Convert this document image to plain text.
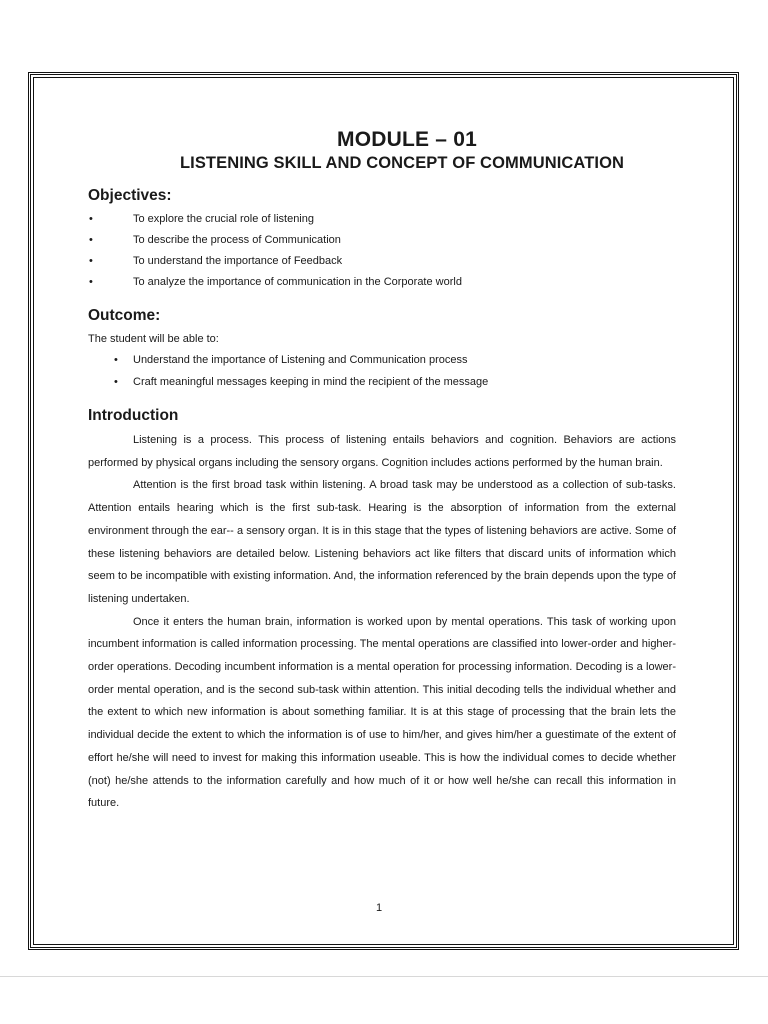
MODULE – 01
LISTENING SKILL AND CONCEPT OF COMMUNICATION
Objectives:
•	To explore the crucial role of listening
•	To describe the process of Communication
•	To understand the importance of Feedback
•	To analyze the importance of communication in the Corporate world
Outcome:

The student will be able to:

• Understand the importance of Listening and Communication process
• Craft meaningful messages keeping in mind the recipient of the message
Introduction

Listening is a process. This process of listening entails behaviors and cognition. Behaviors are actions performed by physical organs including the sensory organs. Cognition includes actions performed by the human brain.

Attention is the first broad task within listening. A broad task may be understood as a collection of sub-tasks. Attention entails hearing which is the first sub-task. Hearing is the absorption of information from the external environment through the ear-- a sensory organ. It is in this stage that the types of listening behaviors are active. Some of these listening behaviors are detailed below. Listening behaviors act like filters that discard units of information which seem to be incompatible with existing information. And, the information referenced by the brain depends upon the type of listening undertaken.

Once it enters the human brain, information is worked upon by mental operations. This task of working upon incumbent information is called information processing. The mental operations are classified into lower-order and higher-order operations. Decoding incumbent information is a mental operation for processing information. Decoding is a lower-order mental operation, and is the second sub-task within attention. This initial decoding tells the individual whether and the extent to which new information is about something familiar. It is at this stage of processing that the brain lets the individual decide the extent to which the information is of use to him/her, and gives him/her a guestimate of the extent of effort he/she will need to invest for making this information useable. This is how the individual comes to decide whether (not) he/she attends to the information carefully and how much of it or how well he/she can recall this information in future.

1
